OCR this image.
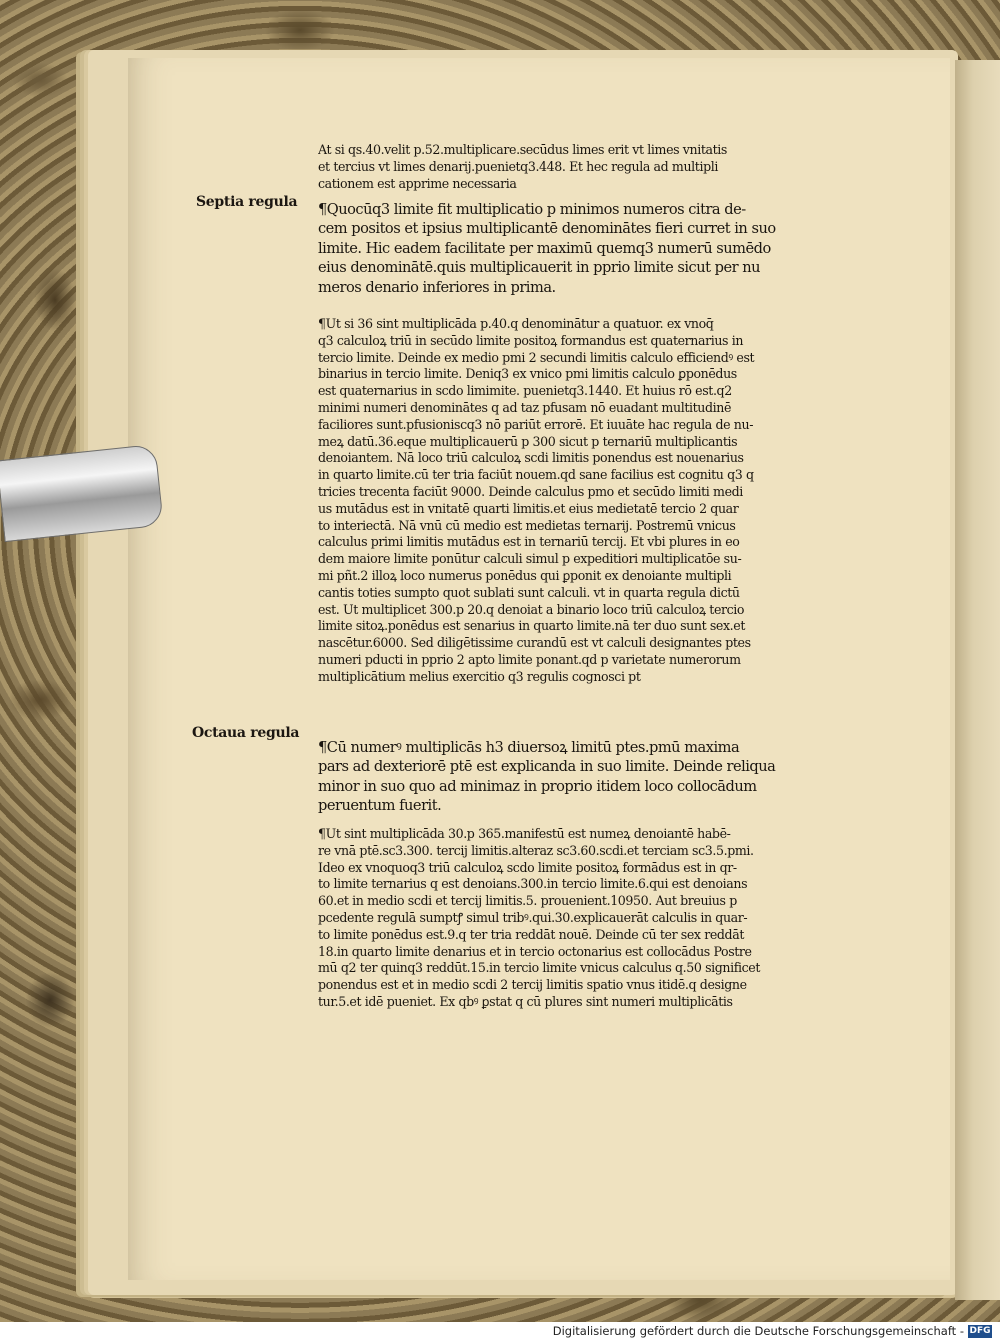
Septia regula
Octaua regula
At si qs.40.velit p.52.multiplicare.secūdus limes erit vt limes vnitatis
et tercius vt limes denarij.puenietq3.448. Et hec regula ad multipli
cationem est apprime necessaria
¶Quocūq3 limite fit multiplicatio p minimos numeros citra de-
cem positos et ipsius multiplicantē denominātes fieri curret in suo
limite. Hic eadem facilitate per maximū quemq3 numerū sumēdo
eius denominātē.quis multiplicauerit in pprio limite sicut per nu
meros denario inferiores in prima.
¶Ut si 36 sint multiplicāda p.40.q denominātur a quatuor. ex vnoq̄
q3 calculoꝝ triū in secūdo limite positoꝝ formandus est quaternarius in
tercio limite. Deinde ex medio pmi 2 secundi limitis calculo efficiendꝰ est
binarius in tercio limite. Deniq3 ex vnico pmi limitis calculo ꝑponēdus
est quaternarius in scdo limimite. puenietq3.1440. Et huius rō est.q2
minimi numeri denominātes q ad taz pfusam nō euadant multitudinē
faciliores sunt.pfusioniscq3 nō pariūt errorē. Et iuuāte hac regula de nu-
meꝝ datū.36.eque multiplicauerū p 300 sicut p ternariū multiplicantis
denoiantem. Nā loco triū calculoꝝ scdi limitis ponendus est nouenarius
in quarto limite.cū ter tria faciūt nouem.qd sane facilius est cognitu q3 q
tricies trecenta faciūt 9000. Deinde calculus pmo et secūdo limiti medi
us mutādus est in vnitatē quarti limitis.et eius medietatē tercio 2 quar
to interiectā. Nā vnū cū medio est medietas ternarij. Postremū vnicus
calculus primi limitis mutādus est in ternariū tercij. Et vbi plures in eo
dem maiore limite ponūtur calculi simul p expeditiori multiplicatōe su-
mi pñt.2 illoꝝ loco numerus ponēdus qui ꝑponit ex denoiante multipli
cantis toties sumpto quot sublati sunt calculi. vt in quarta regula dictū
est. Ut multiplicet 300.p 20.q denoiat a binario loco triū calculoꝝ tercio
limite sitoꝝ.ponēdus est senarius in quarto limite.nā ter duo sunt sex.et
nascētur.6000. Sed diligētissime curandū est vt calculi designantes ptes
numeri pducti in pprio 2 apto limite ponant.qd p varietate numerorum
multiplicātium melius exercitio q3 regulis cognosci pt
¶Cū numerꝰ multiplicās h3 diuersoꝝ limitū ptes.pmū maxima
pars ad dexteriorē ptē est explicanda in suo limite. Deinde reliqua
minor in suo quo ad minimaz in proprio itidem loco collocādum
peruentum fuerit.
¶Ut sint multiplicāda 30.p 365.manifestū est numeꝝ denoiantē habē-
re vnā ptē.sc3.300. tercij limitis.alteraz sc3.60.scdi.et terciam sc3.5.pmi.
Ideo ex vnoquoq3 triū calculoꝝ scdo limite positoꝝ formādus est in qr-
to limite ternarius q est denoians.300.in tercio limite.6.qui est denoians
60.et in medio scdi et tercij limitis.5. prouenient.10950. Aut breuius p
pcedente regulā sumptꝭ simul tribꝰ.qui.30.explicauerāt calculis in quar-
to limite ponēdus est.9.q ter tria reddāt nouē. Deinde cū ter sex reddāt
18.in quarto limite denarius et in tercio octonarius est collocādus Postre
mū q2 ter quinq3 reddūt.15.in tercio limite vnicus calculus q.50 significet
ponendus est et in medio scdi 2 tercij limitis spatio vnus itidē.q designe
tur.5.et idē pueniet. Ex qbꝰ ꝑstat q cū plures sint numeri multiplicātis
Digitalisierung gefördert durch die Deutsche Forschungsgemeinschaft - DFG
